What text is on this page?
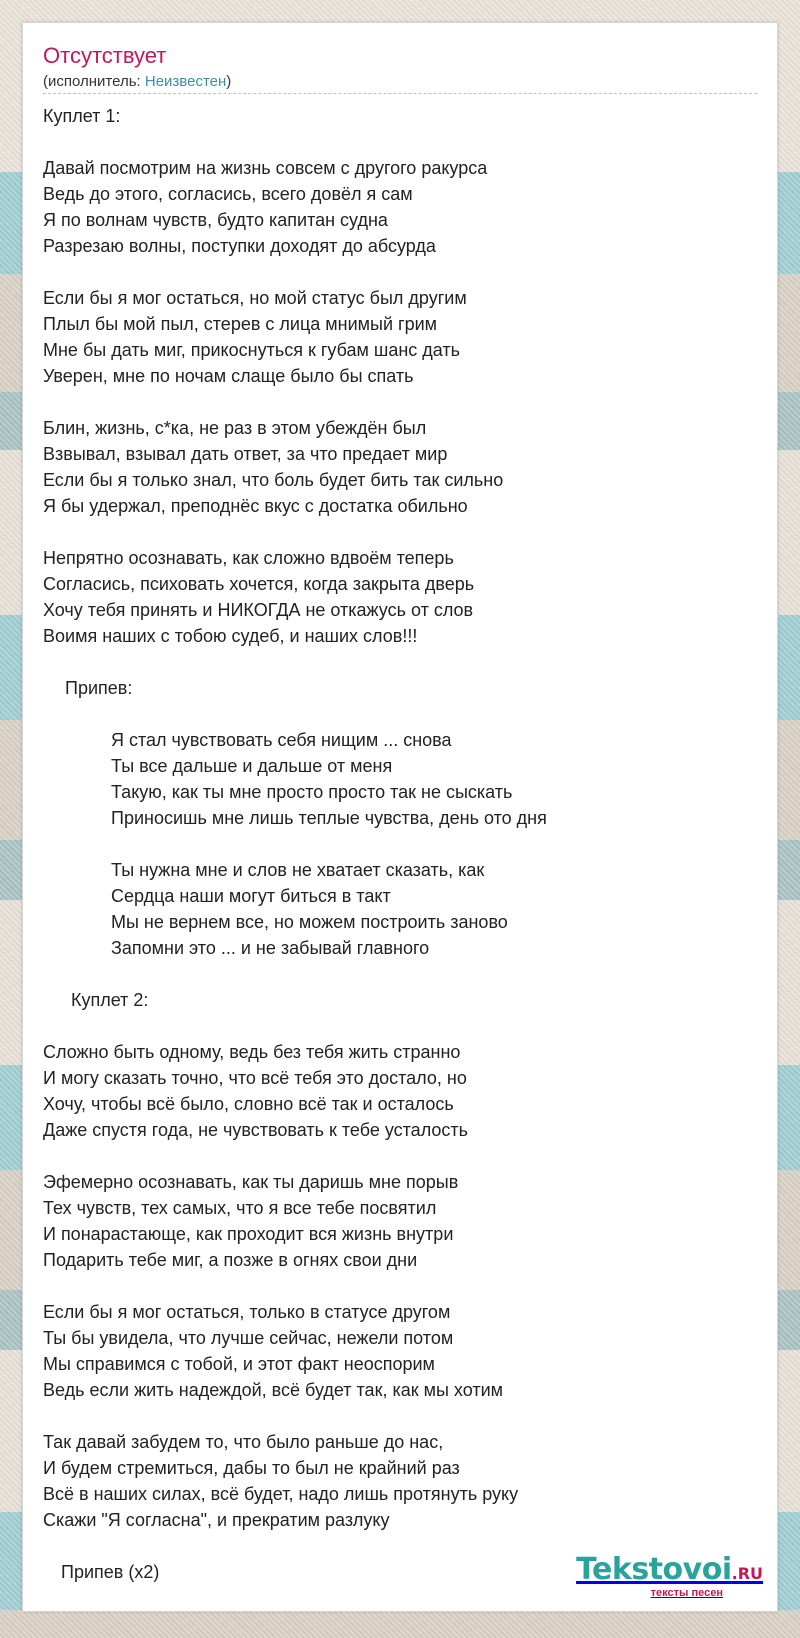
Отсутствует
(исполнитель: Неизвестен)
Куплет 1:
Давай посмотрим на жизнь совсем с другого ракурса
Ведь до этого, согласись, всего довёл я сам
Я по волнам чувств, будто капитан судна
Разрезаю волны, поступки доходят до абсурда
Если бы я мог остаться, но мой статус был другим
Плыл бы мой пыл, стерев с лица мнимый грим
Мне бы дать миг, прикоснуться к губам шанс дать
Уверен, мне по ночам слаще было бы спать
Блин, жизнь, с*ка, не раз в этом убеждён был
Взвывал, взывал дать ответ, за что предает мир
Если бы я только знал, что боль будет бить так сильно
Я бы удержал, преподнёс вкус с достатка обильно
Непрятно осознавать, как сложно вдвоём теперь
Согласись, психовать хочется, когда закрыта дверь
Хочу тебя принять и НИКОГДА не откажусь от слов
Воимя наших с тобою судеб, и наших слов!!!
Припев:
Я стал чувствовать себя нищим ... снова
Ты все дальше и дальше от меня
Такую, как ты мне просто просто так не сыскать
Приносишь мне лишь теплые чувства, день ото дня
Ты нужна мне и слов не хватает сказать, как
Сердца наши могут биться в такт
Мы не вернем все, но можем построить заново
Запомни это ... и не забывай главного
Куплет 2:
Сложно быть одному, ведь без тебя жить странно
И могу сказать точно, что всё тебя это достало, но
Хочу, чтобы всё было, словно всё так и осталось
Даже спустя года, не чувствовать к тебе усталость
Эфемерно осознавать, как ты даришь мне порыв
Тех чувств, тех самых, что я все тебе посвятил
И понарастающе, как проходит вся жизнь внутри
Подарить тебе миг, а позже в огнях свои дни
Если бы я мог остаться, только в статусе другом
Ты бы увидела, что лучше сейчас, нежели потом
Мы справимся с тобой, и этот факт неоспорим
Ведь если жить надеждой, всё будет так, как мы хотим
Так давай забудем то, что было раньше до нас,
И будем стремиться, дабы то был не крайний раз
Всё в наших силах, всё будет, надо лишь протянуть руку
Скажи "Я согласна", и прекратим разлуку
Припев (x2)	Tekstovoi.RU
тексты песен
